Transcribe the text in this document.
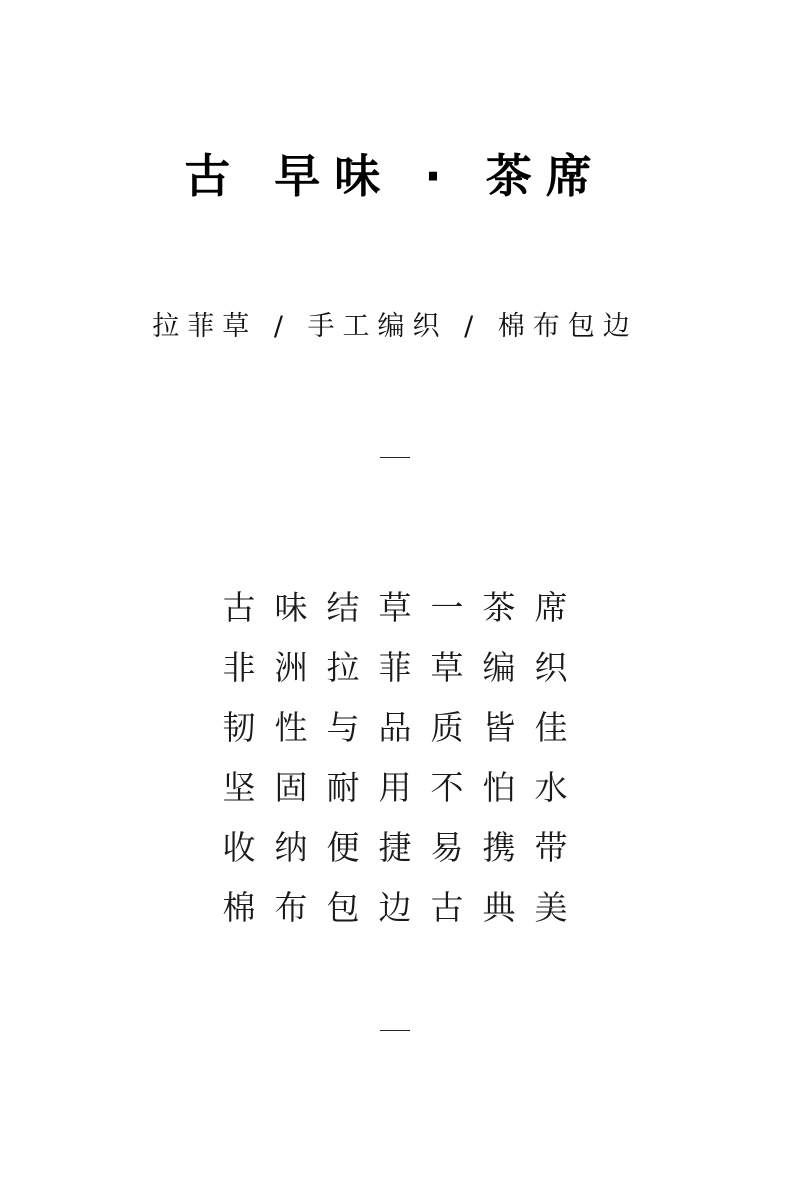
古 早味 · 茶席
拉菲草 / 手工编织 / 棉布包边
古 味 结 草 一 茶 席
非 洲 拉 菲 草 编 织
韧 性 与 品 质 皆 佳
坚 固 耐 用 不 怕 水
收 纳 便 捷 易 携 带
棉 布 包 边 古 典 美
